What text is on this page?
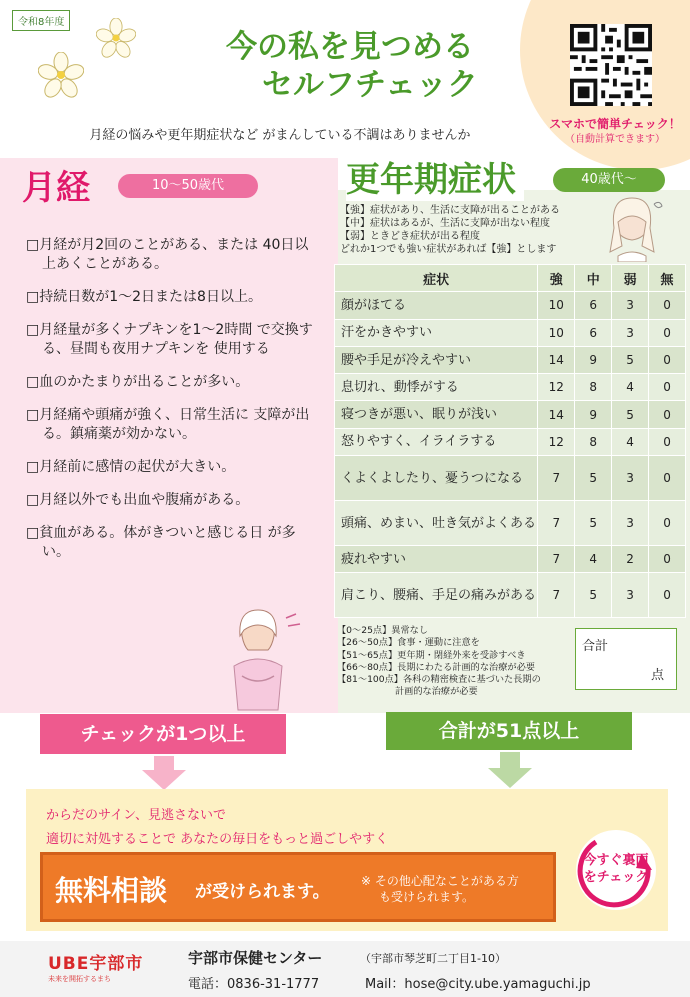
令和8年度
今の私を見つめる
セルフチェック
スマホで簡単チェック！
（自動計算できます）
月経の悩みや更年期症状など がまんしている不調はありませんか
月経	10～50歳代	更年期症状	40歳代～
□月経が月2回のことがある、または 40日以上あくことがある。
□持続日数が1～2日または8日以上。
□月経量が多くナプキンを1～2時間 で交換する、昼間も夜用ナプキンを 使用する
□血のかたまりが出ることが多い。
□月経痛や頭痛が強く、日常生活に 支障が出る。鎮痛薬が効かない。
□月経前に感情の起伏が大きい。
□月経以外でも出血や腹痛がある。
□貧血がある。体がきついと感じる日 が多い。
【強】症状があり、生活に支障が出ることがある
【中】症状はあるが、生活に支障が出ない程度
【弱】ときどき症状が出る程度
どれか1つでも強い症状があれば【強】とします
症状	強	中	弱	無
顔がほてる	10	6	3	0
汗をかきやすい	10	6	3	0
腰や手足が冷えやすい	14	9	5	0
息切れ、動悸がする	12	8	4	0
寝つきが悪い、眠りが浅い	14	9	5	0
怒りやすく、イライラする	12	8	4	0
くよくよしたり、憂うつになる	7	5	3	0
頭痛、めまい、吐き気がよくある	7	5	3	0
疲れやすい	7	4	2	0
肩こり、腰痛、手足の痛みがある	7	5	3	0
【0～25点】異常なし
【26～50点】食事・運動に注意を
【51～65点】更年期・閉経外来を受診すべき
【66～80点】長期にわたる計画的な治療が必要
【81～100点】各科の精密検査に基づいた長期の
計画的な治療が必要
合計
点
チェックが1つ以上	合計が51点以上
からだのサイン、見逃さないで
適切に対処することで あなたの毎日をもっと過ごしやすく
無料相談 が受けられます。
※ その他心配なことがある方
も受けられます。
今すぐ裏面
をチェック
UBE宇部市
未来を開拓するまち
宇部市保健センター	（宇部市琴芝町二丁目1-10）
電話：0836-31-1777	Mail：hose@city.ube.yamaguchi.jp
